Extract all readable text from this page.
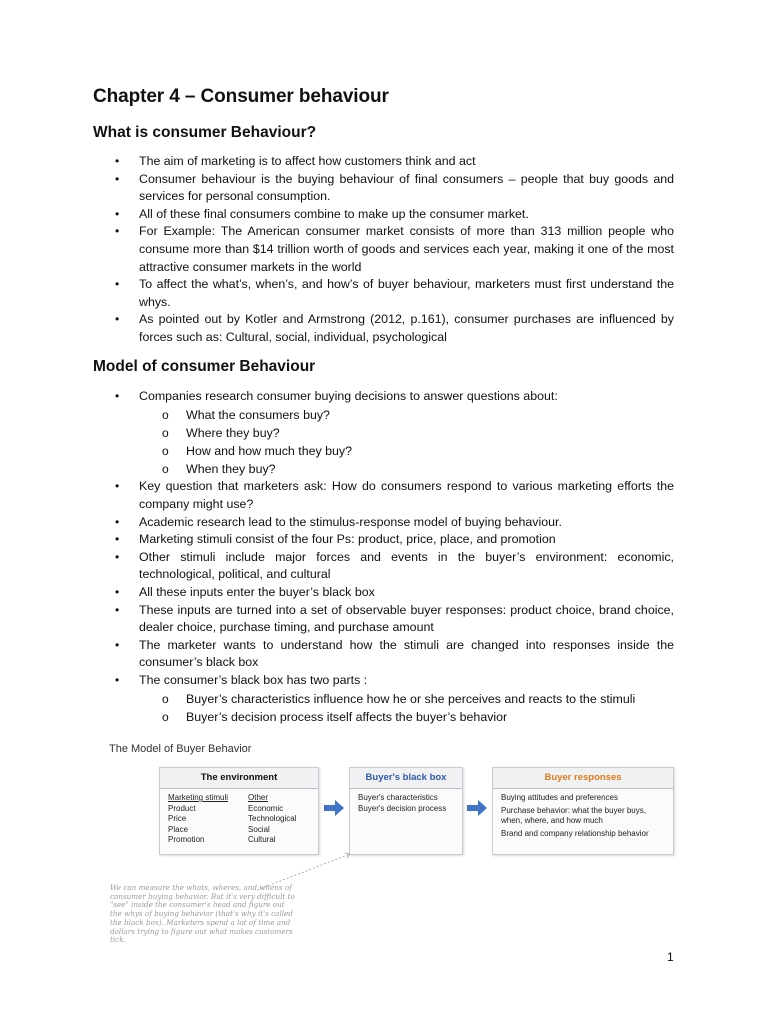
Chapter 4 – Consumer behaviour
What is consumer Behaviour?
• The aim of marketing is to affect how customers think and act
• Consumer behaviour is the buying behaviour of final consumers – people that buy goods and services for personal consumption.
• All of these final consumers combine to make up the consumer market.
• For Example: The American consumer market consists of more than 313 million people who consume more than $14 trillion worth of goods and services each year, making it one of the most attractive consumer markets in the world
• To affect the what’s, when’s, and how’s of buyer behaviour, marketers must first understand the whys.
• As pointed out by Kotler and Armstrong (2012, p.161), consumer purchases are influenced by forces such as: Cultural, social, individual, psychological
Model of consumer Behaviour
• Companies research consumer buying decisions to answer questions about:
o What the consumers buy?
o Where they buy?
o How and how much they buy?
o When they buy?
• Key question that marketers ask: How do consumers respond to various marketing efforts the company might use?
• Academic research lead to the stimulus-response model of buying behaviour.
• Marketing stimuli consist of the four Ps: product, price, place, and promotion
• Other stimuli include major forces and events in the buyer’s environment: economic, technological, political, and cultural
• All these inputs enter the buyer’s black box
• These inputs are turned into a set of observable buyer responses: product choice, brand choice, dealer choice, purchase timing, and purchase amount
• The marketer wants to understand how the stimuli are changed into responses inside the consumer’s black box
• The consumer’s black box has two parts :
o Buyer’s characteristics influence how he or she perceives and reacts to the stimuli
o Buyer’s decision process itself affects the buyer’s behavior
The Model of Buyer Behavior
The environment
Marketing stimuli
Product
Price
Place
Promotion
Other
Economic
Technological
Social
Cultural
Buyer's black box
Buyer's characteristics
Buyer's decision process
Buyer responses
Buying attitudes and preferences
Purchase behavior: what the buyer buys, when, where, and how much
Brand and company relationship behavior
We can measure the whats, wheres, and whens of consumer buying behavior. But it's very difficult to "see" inside the consumer's head and figure out the whys of buying behavior (that's why it's called the black box). Marketers spend a lot of time and dollars trying to figure out what makes customers tick.
1
